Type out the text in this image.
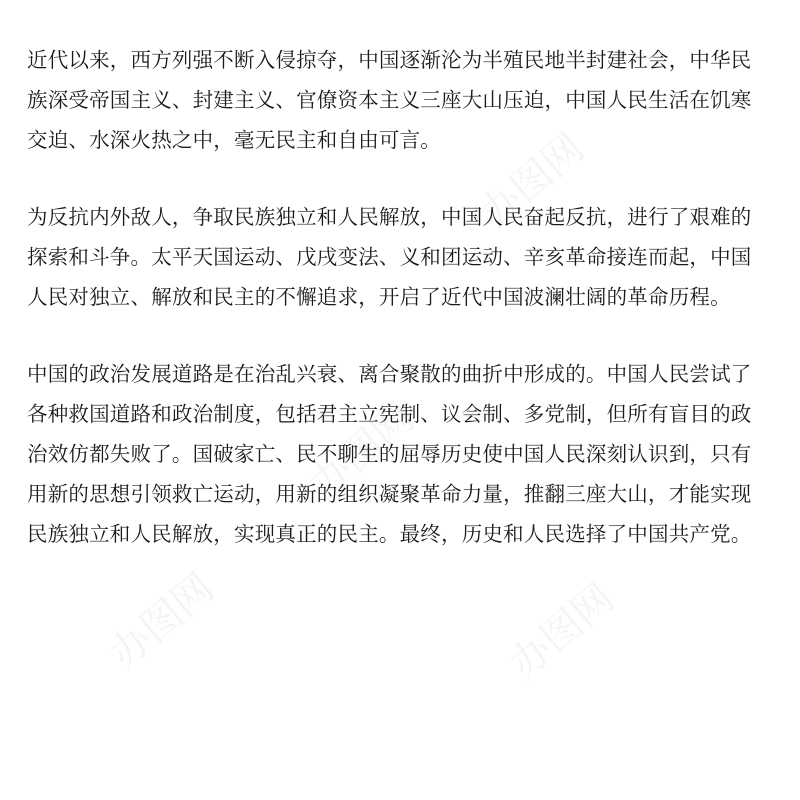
近代以来，西方列强不断入侵掠夺，中国逐渐沦为半殖民地半封建社会，中华民
族深受帝国主义、封建主义、官僚资本主义三座大山压迫，中国人民生活在饥寒
交迫、水深火热之中，毫无民主和自由可言。
为反抗内外敌人，争取民族独立和人民解放，中国人民奋起反抗，进行了艰难的
探索和斗争。太平天国运动、戊戌变法、义和团运动、辛亥革命接连而起，中国
人民对独立、解放和民主的不懈追求，开启了近代中国波澜壮阔的革命历程。
中国的政治发展道路是在治乱兴衰、离合聚散的曲折中形成的。中国人民尝试了
各种救国道路和政治制度，包括君主立宪制、议会制、多党制，但所有盲目的政
治效仿都失败了。国破家亡、民不聊生的屈辱历史使中国人民深刻认识到，只有
用新的思想引领救亡运动，用新的组织凝聚革命力量，推翻三座大山，才能实现
民族独立和人民解放，实现真正的民主。最终，历史和人民选择了中国共产党。
